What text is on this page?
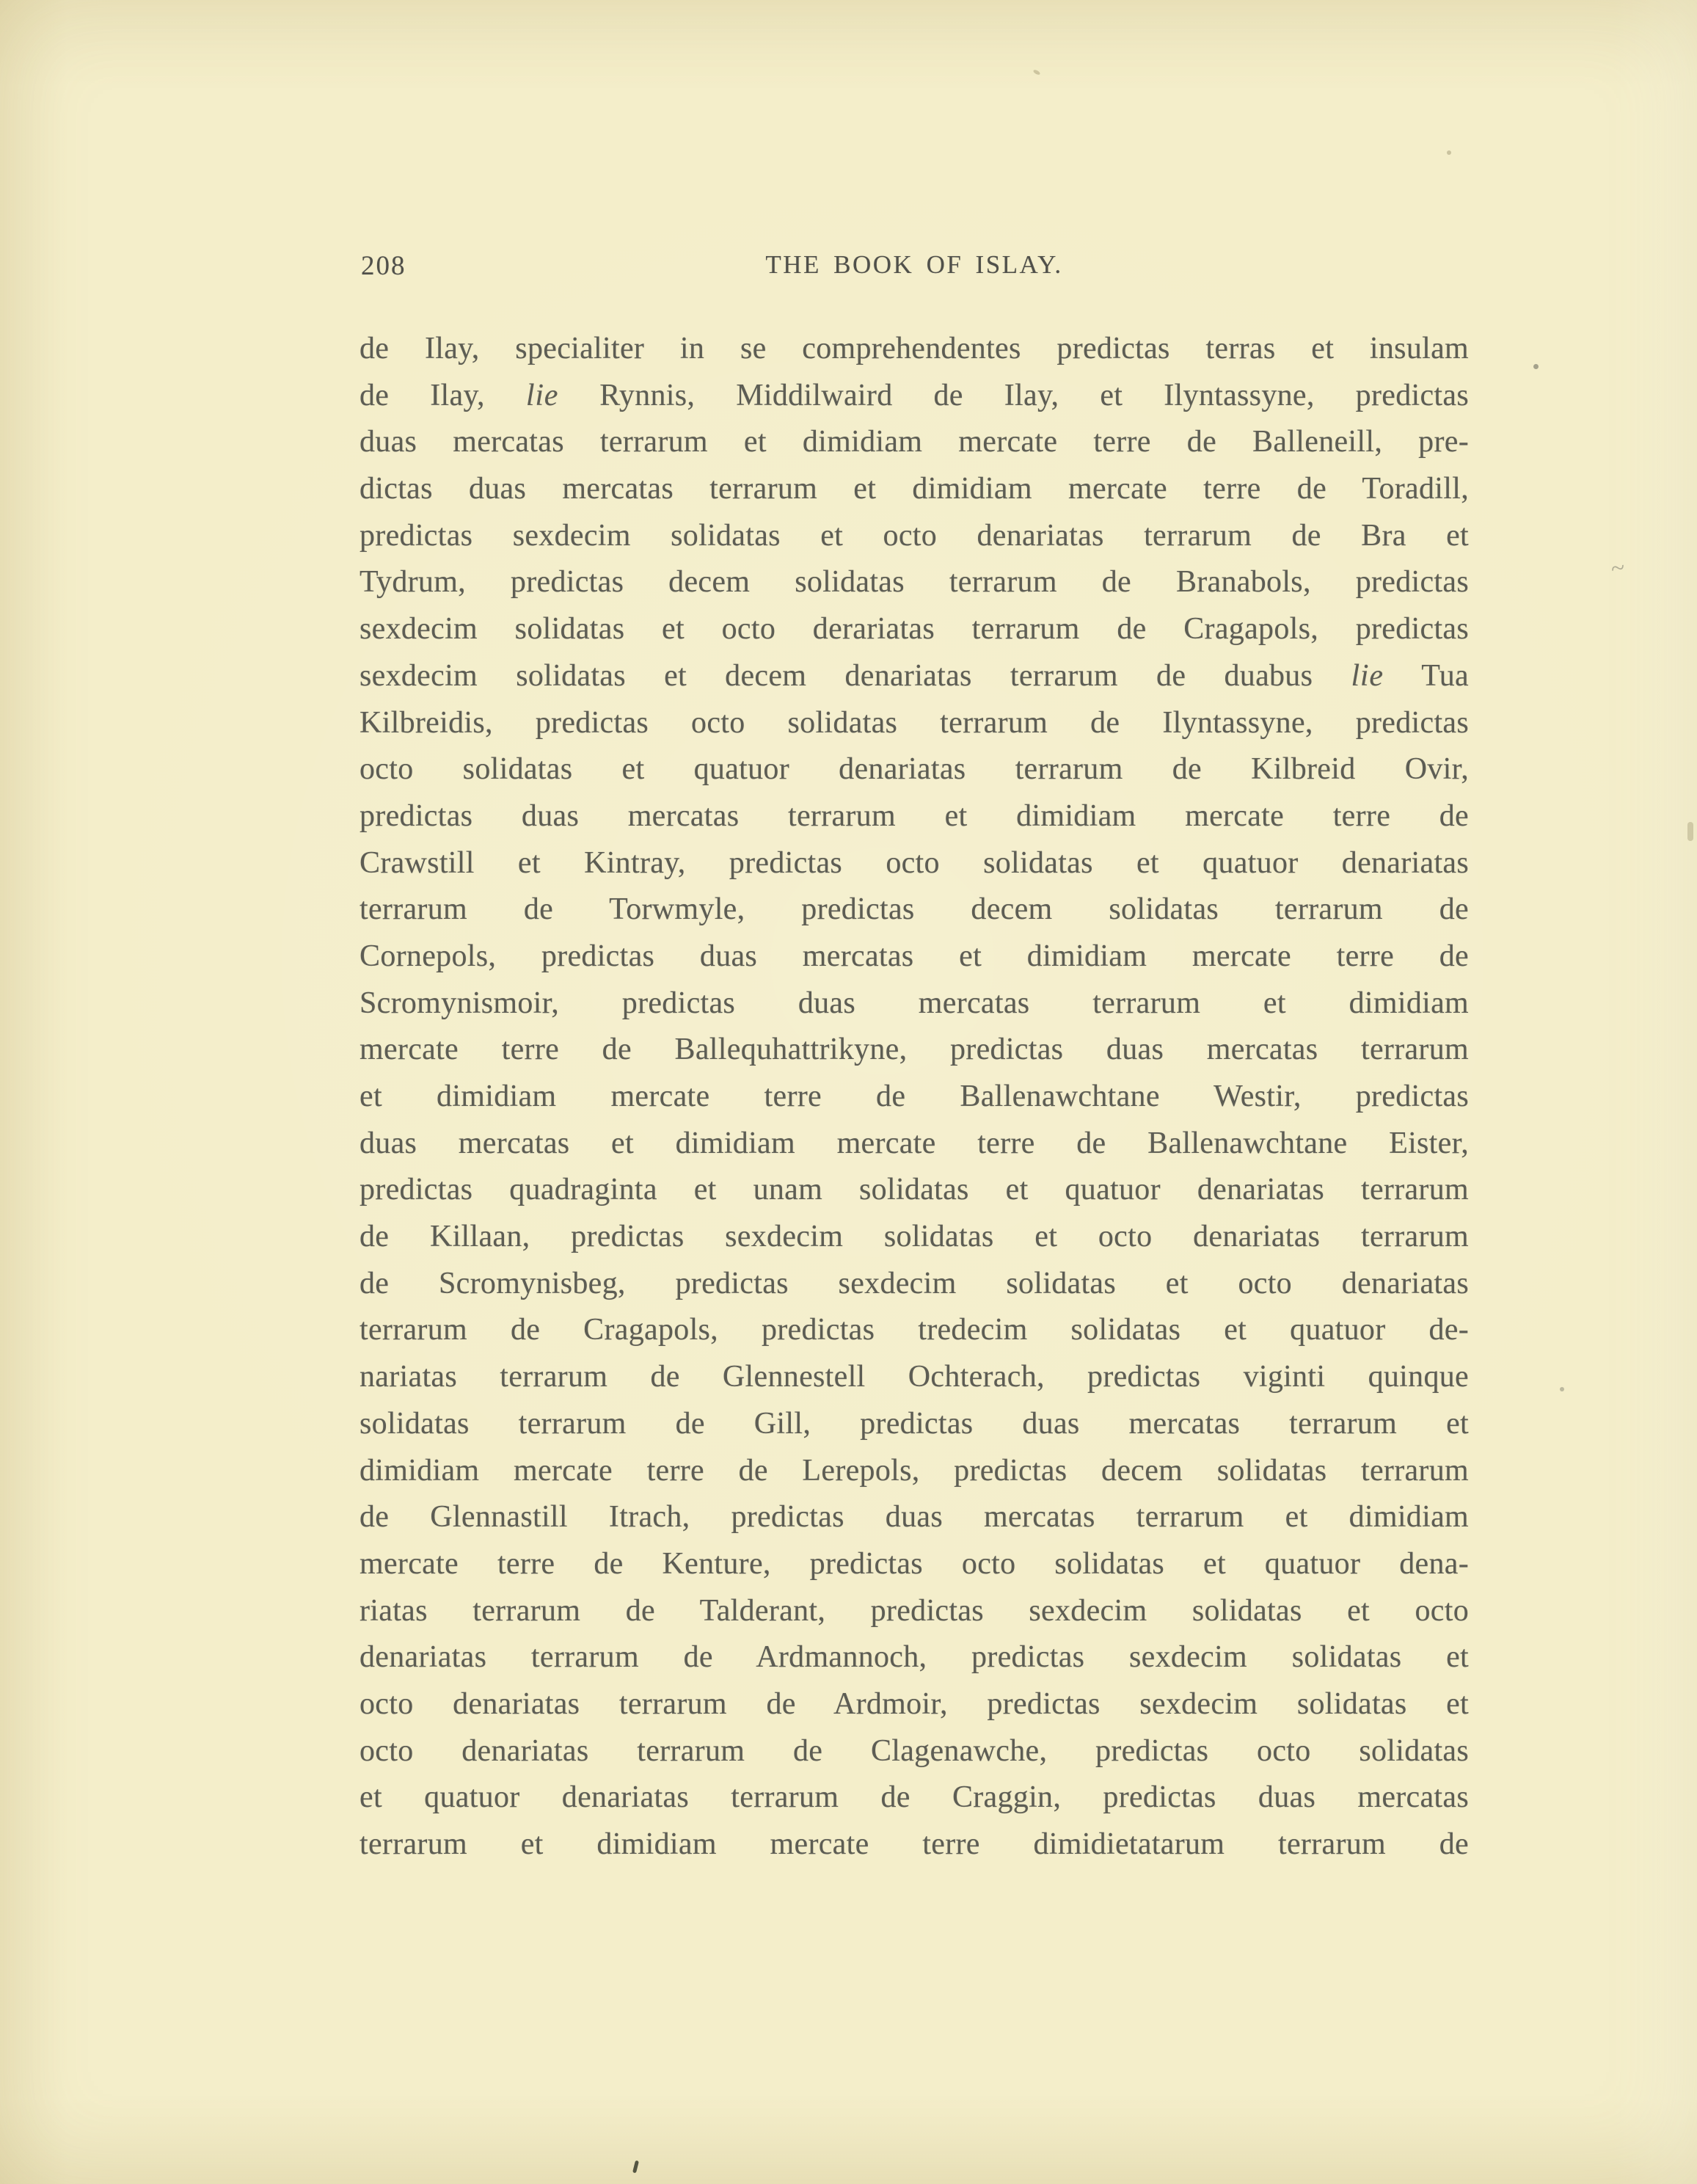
208	THE BOOK OF ISLAY.
de Ilay, specialiter in se comprehendentes predictas terras et insulam
de Ilay, lie Rynnis, Middilwaird de Ilay, et Ilyntassyne, predictas
duas mercatas terrarum et dimidiam mercate terre de Balleneill, pre-
dictas duas mercatas terrarum et dimidiam mercate terre de Toradill,
predictas sexdecim solidatas et octo denariatas terrarum de Bra et
Tydrum, predictas decem solidatas terrarum de Branabols, predictas
sexdecim solidatas et octo derariatas terrarum de Cragapols, predictas
sexdecim solidatas et decem denariatas terrarum de duabus lie Tua
Kilbreidis, predictas octo solidatas terrarum de Ilyntassyne, predictas
octo solidatas et quatuor denariatas terrarum de Kilbreid Ovir,
predictas duas mercatas terrarum et dimidiam mercate terre de
Crawstill et Kintray, predictas octo solidatas et quatuor denariatas
terrarum de Torwmyle, predictas decem solidatas terrarum de
Cornepols, predictas duas mercatas et dimidiam mercate terre de
Scromynismoir, predictas duas mercatas terrarum et dimidiam
mercate terre de Ballequhattrikyne, predictas duas mercatas terrarum
et dimidiam mercate terre de Ballenawchtane Westir, predictas
duas mercatas et dimidiam mercate terre de Ballenawchtane Eister,
predictas quadraginta et unam solidatas et quatuor denariatas terrarum
de Killaan, predictas sexdecim solidatas et octo denariatas terrarum
de Scromynisbeg, predictas sexdecim solidatas et octo denariatas
terrarum de Cragapols, predictas tredecim solidatas et quatuor de-
nariatas terrarum de Glennestell Ochterach, predictas viginti quinque
solidatas terrarum de Gill, predictas duas mercatas terrarum et
dimidiam mercate terre de Lerepols, predictas decem solidatas terrarum
de Glennastill Itrach, predictas duas mercatas terrarum et dimidiam
mercate terre de Kenture, predictas octo solidatas et quatuor dena-
riatas terrarum de Talderant, predictas sexdecim solidatas et octo
denariatas terrarum de Ardmannoch, predictas sexdecim solidatas et
octo denariatas terrarum de Ardmoir, predictas sexdecim solidatas et
octo denariatas terrarum de Clagenawche, predictas octo solidatas
et quatuor denariatas terrarum de Craggin, predictas duas mercatas
terrarum et dimidiam mercate terre dimidietatarum terrarum de
~
